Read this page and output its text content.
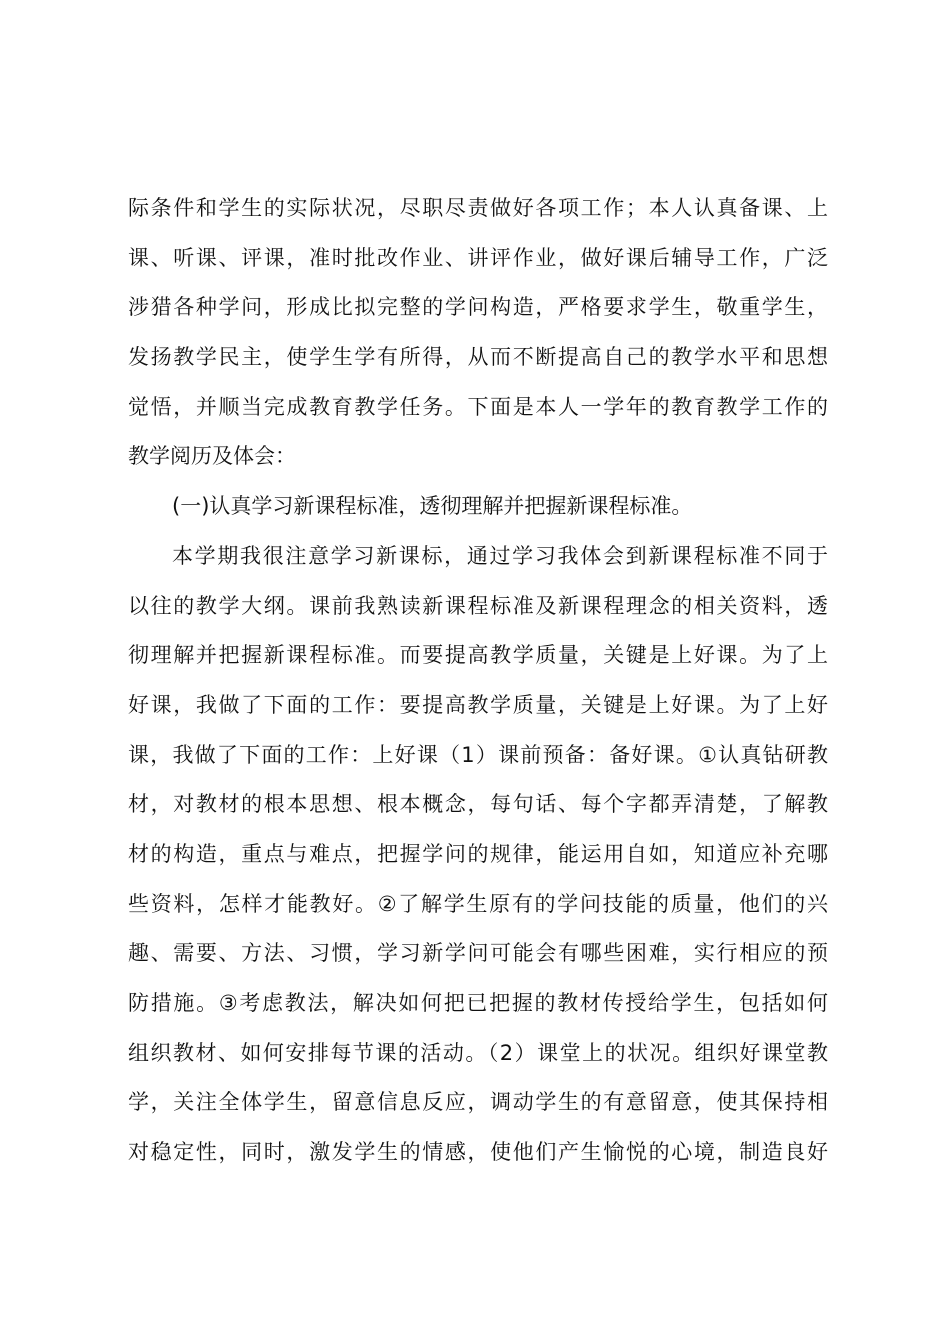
际条件和学生的实际状况，尽职尽责做好各项工作；本人认真备课、上
课、听课、评课，准时批改作业、讲评作业，做好课后辅导工作，广泛
涉猎各种学问，形成比拟完整的学问构造，严格要求学生，敬重学生，
发扬教学民主，使学生学有所得，从而不断提高自己的教学水平和思想
觉悟，并顺当完成教育教学任务。下面是本人一学年的教育教学工作的
教学阅历及体会：
(一)认真学习新课程标准，透彻理解并把握新课程标准。
本学期我很注意学习新课标，通过学习我体会到新课程标准不同于
以往的教学大纲。课前我熟读新课程标准及新课程理念的相关资料，透
彻理解并把握新课程标准。而要提高教学质量，关键是上好课。为了上
好课，我做了下面的工作：要提高教学质量，关键是上好课。为了上好
课，我做了下面的工作：上好课（1）课前预备：备好课。①认真钻研教
材，对教材的根本思想、根本概念，每句话、每个字都弄清楚，了解教
材的构造，重点与难点，把握学问的规律，能运用自如，知道应补充哪
些资料，怎样才能教好。②了解学生原有的学问技能的质量，他们的兴
趣、需要、方法、习惯，学习新学问可能会有哪些困难，实行相应的预
防措施。③考虑教法，解决如何把已把握的教材传授给学生，包括如何
组织教材、如何安排每节课的活动。（2）课堂上的状况。组织好课堂教
学，关注全体学生，留意信息反应，调动学生的有意留意，使其保持相
对稳定性，同时，激发学生的情感，使他们产生愉悦的心境，制造良好
